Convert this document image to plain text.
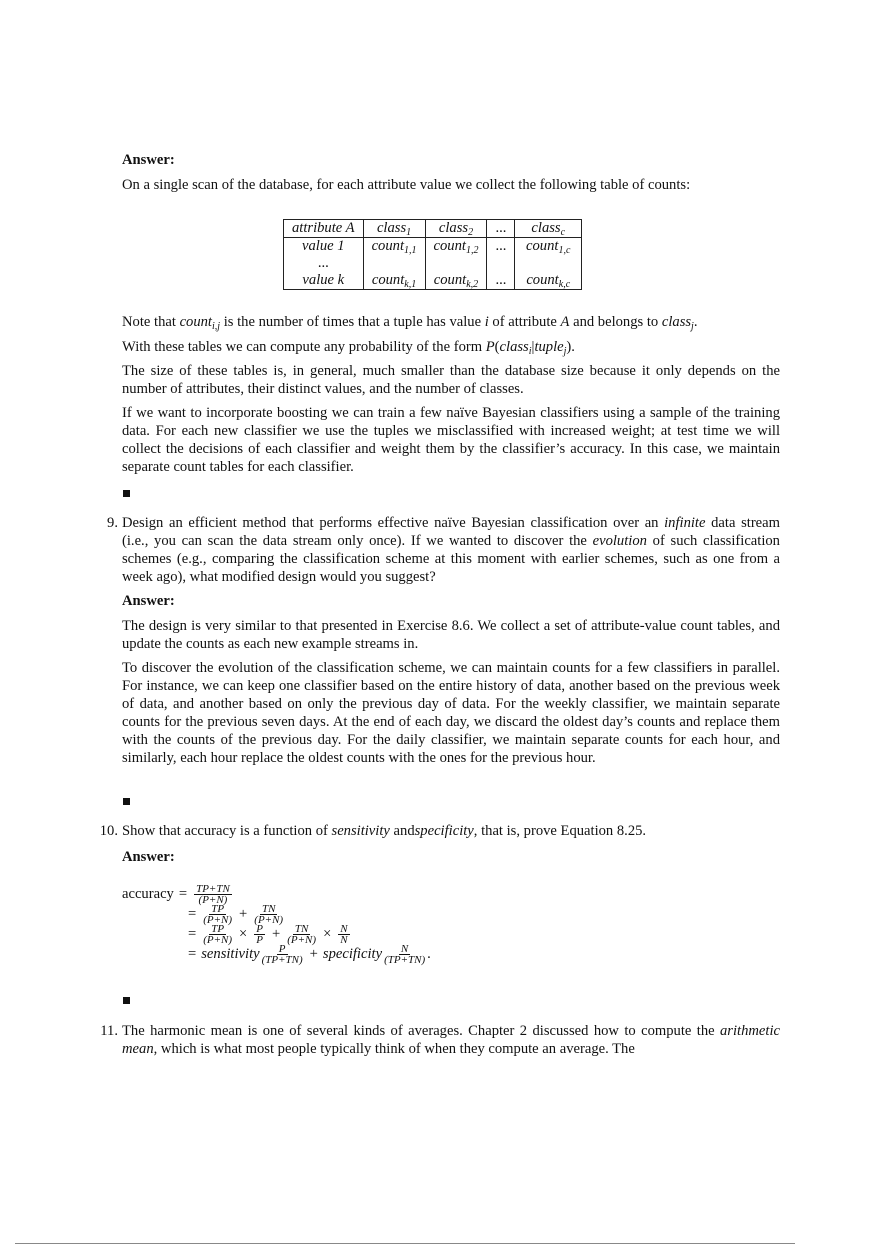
Answer:
On a single scan of the database, for each attribute value we collect the following table of counts:
attribute A	class$_1$	class$_2$	...	class$_c$
value 1	count$_{1,1}$	count$_{1,2}$	...	count$_{1,c}$
...				
value k	count$_{k,1}$	count$_{k,2}$	...	count$_{k,c}$
Note that count$_{i,j}$ is the number of times that a tuple has value i of attribute A and belongs to class$_j$.
With these tables we can compute any probability of the form P(class$_i$|tuple$_j$).
The size of these tables is, in general, much smaller than the database size because it only depends on the number of attributes, their distinct values, and the number of classes.
If we want to incorporate boosting we can train a few naïve Bayesian classifiers using a sample of the training data. For each new classifier we use the tuples we misclassified with increased weight; at test time we will collect the decisions of each classifier and weight them by the classifier’s accuracy. In this case, we maintain separate count tables for each classifier.
9. Design an efficient method that performs effective naïve Bayesian classification over an infinite data stream (i.e., you can scan the data stream only once). If we wanted to discover the evolution of such classification schemes (e.g., comparing the classification scheme at this moment with earlier schemes, such as one from a week ago), what modified design would you suggest?
Answer:
The design is very similar to that presented in Exercise 8.6. We collect a set of attribute-value count tables, and update the counts as each new example streams in.
To discover the evolution of the classification scheme, we can maintain counts for a few classifiers in parallel. For instance, we can keep one classifier based on the entire history of data, another based on the previous week of data, and another based on only the previous day of data. For the weekly classifier, we maintain separate counts for the previous seven days. At the end of each day, we discard the oldest day’s counts and replace them with the counts of the previous day. For the daily classifier, we maintain separate counts for each hour, and similarly, each hour replace the oldest counts with the ones for the previous hour.
10. Show that accuracy is a function of sensitivity andspecificity, that is, prove Equation 8.25.
Answer:
accuracy = $\frac{TP+TN}{(P+N)}$
= $\frac{TP}{(P+N)} + \frac{TN}{(P+N)}$
= $\frac{TP}{(P+N)} \times \frac{P}{P} + \frac{TN}{(P+N)} \times \frac{N}{N}$
= sensitivity $\frac{P}{(TP+TN)}$ + specificity $\frac{N}{(TP+TN)}$ .
11. The harmonic mean is one of several kinds of averages. Chapter 2 discussed how to compute the arithmetic mean, which is what most people typically think of when they compute an average. The
